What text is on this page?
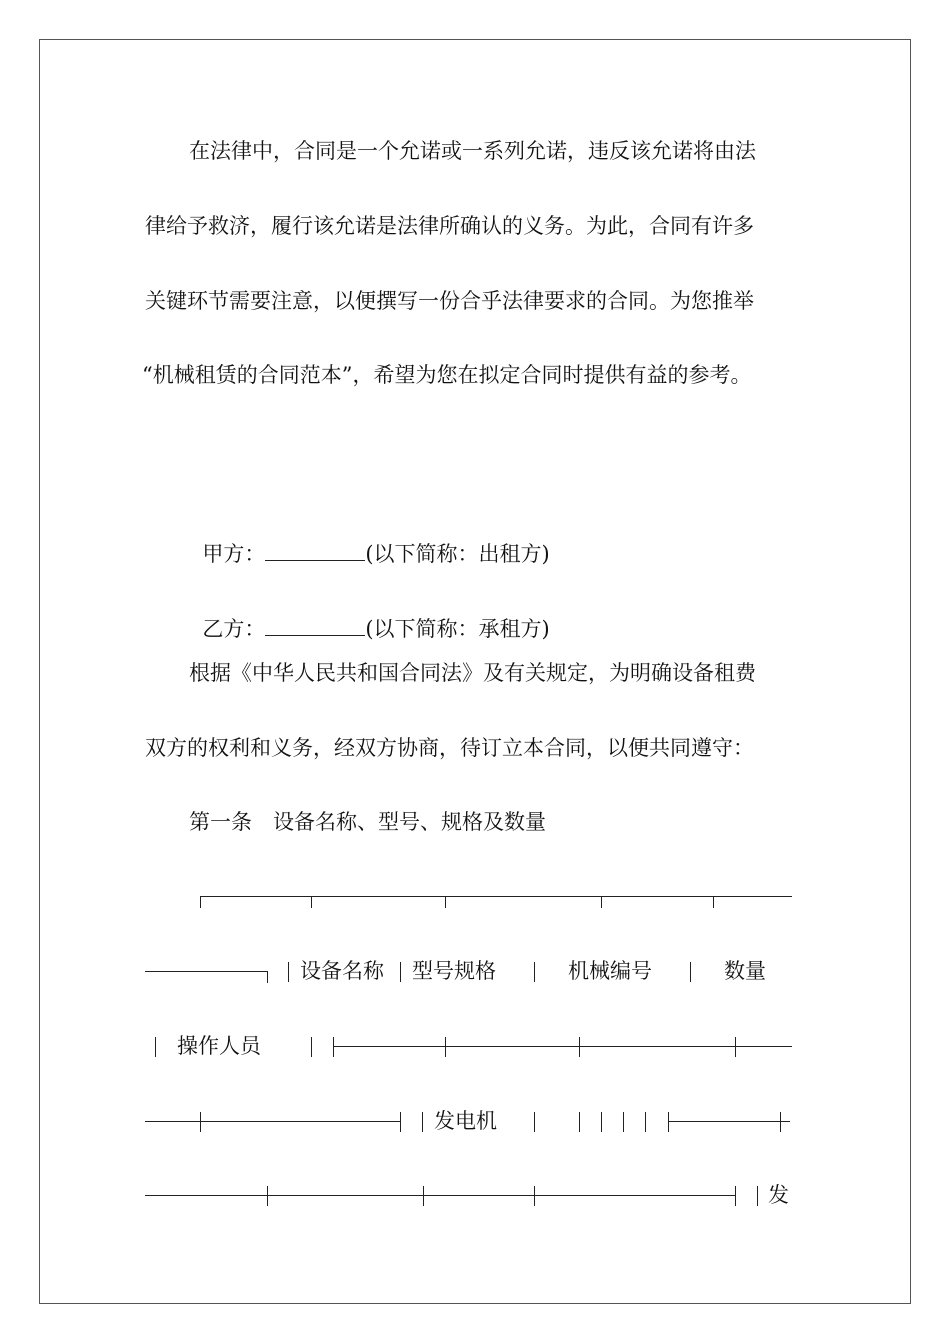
在法律中，合同是一个允诺或一系列允诺，违反该允诺将由法
律给予救济，履行该允诺是法律所确认的义务。为此，合同有许多
关键环节需要注意，以便撰写一份合乎法律要求的合同。为您推举
“机械租赁的合同范本”，希望为您在拟定合同时提供有益的参考。

甲方：	(以下简称：出租方)

乙方：	(以下简称：承租方)

根据《中华人民共和国合同法》及有关规定，为明确设备租费
双方的权利和义务，经双方协商，待订立本合同，以便共同遵守：
第一条　设备名称、型号、规格及数量
设备名称 型号规格	机械编号	数量
操作人员
发电机
发
